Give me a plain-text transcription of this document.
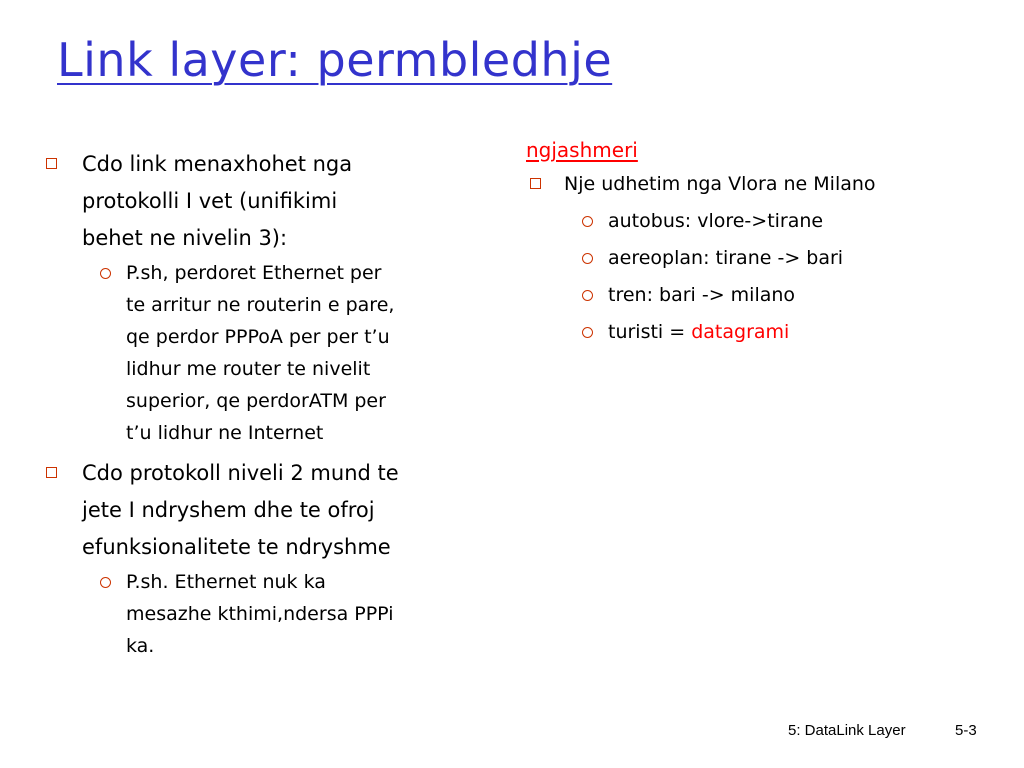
Link layer: permbledhje
Cdo link menaxhohet nga
protokolli I vet (unifikimi
behet ne nivelin 3):
P.sh, perdoret Ethernet per
te arritur ne routerin e pare,
qe perdor PPPoA per per t’u
lidhur me router te nivelit
superior, qe perdorATM per
t’u lidhur ne Internet
Cdo protokoll niveli 2 mund te
jete I ndryshem dhe te ofroj
efunksionalitete te ndryshme
P.sh. Ethernet nuk ka
mesazhe kthimi,ndersa PPPi
ka.
ngjashmeri
Nje udhetim nga Vlora ne Milano
autobus: vlore->tirane
aereoplan: tirane -> bari
tren: bari -> milano
turisti = datagrami
5: DataLink Layer	5-3
